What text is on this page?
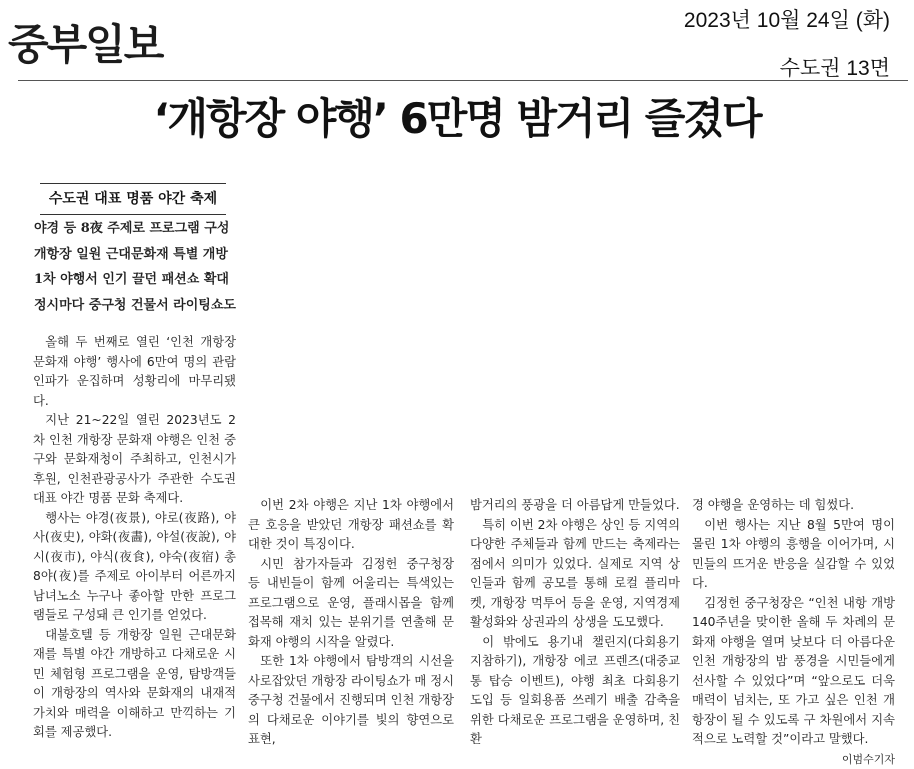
중부일보	2023년 10월 24일 (화)
수도권 13면
‘개항장 야행’ 6만명 밤거리 즐겼다
수도권 대표 명품 야간 축제
야경 등 8夜 주제로 프로그램 구성
개항장 일원 근대문화재 특별 개방
1차 야행서 인기 끌던 패션쇼 확대
정시마다 중구청 건물서 라이팅쇼도

올해 두 번째로 열린 ‘인천 개항장 문화재 야행’ 행사에 6만여 명의 관람 인파가 운집하며 성황리에 마무리됐다.

지난 21~22일 열린 2023년도 2차 인천 개항장 문화재 야행은 인천 중구와 문화재청이 주최하고, 인천시가 후원, 인천관광공사가 주관한 수도권 대표 야간 명품 문화 축제다.

행사는 야경(夜景), 야로(夜路), 야사(夜史), 야화(夜畵), 야설(夜說), 야시(夜市), 야식(夜食), 야숙(夜宿) 총 8야(夜)를 주제로 아이부터 어른까지 남녀노소 누구나 좋아할 만한 프로그램들로 구성돼 큰 인기를 얻었다.

대불호텔 등 개항장 일원 근대문화재를 특별 야간 개방하고 다채로운 시민 체험형 프로그램을 운영, 탐방객들이 개항장의 역사와 문화재의 내재적 가치와 매력을 이해하고 만끽하는 기회를 제공했다.

이번 2차 야행은 지난 1차 야행에서 큰 호응을 받았던 개항장 패션쇼를 확대한 것이 특징이다.

시민 참가자들과 김정헌 중구청장 등 내빈들이 함께 어울리는 특색있는 프로그램으로 운영, 플래시몹을 함께 접목해 재치 있는 분위기를 연출해 문화재 야행의 시작을 알렸다.

또한 1차 야행에서 탐방객의 시선을 사로잡았던 개항장 라이팅쇼가 매 정시 중구청 건물에서 진행되며 인천 개항장의 다채로운 이야기를 빛의 향연으로 표현,

밤거리의 풍광을 더 아름답게 만들었다.

특히 이번 2차 야행은 상인 등 지역의 다양한 주체들과 함께 만드는 축제라는 점에서 의미가 있었다. 실제로 지역 상인들과 함께 공모를 통해 로컬 플리마켓, 개항장 먹투어 등을 운영, 지역경제 활성화와 상권과의 상생을 도모했다.

이 밖에도 용기내 챌린지(다회용기 지참하기), 개항장 에코 프렌즈(대중교통 탑승 이벤트), 야행 최초 다회용기 도입 등 일회용품 쓰레기 배출 감축을 위한 다채로운 프로그램을 운영하며, 친환

경 야행을 운영하는 데 힘썼다.

이번 행사는 지난 8월 5만여 명이 몰린 1차 야행의 흥행을 이어가며, 시민들의 뜨거운 반응을 실감할 수 있었다.

김정헌 중구청장은 “인천 내항 개방 140주년을 맞이한 올해 두 차례의 문화재 야행을 열며 낮보다 더 아름다운 인천 개항장의 밤 풍경을 시민들에게 선사할 수 있었다”며 “앞으로도 더욱 매력이 넘치는, 또 가고 싶은 인천 개항장이 될 수 있도록 구 차원에서 지속적으로 노력할 것”이라고 말했다.

이범수기자
